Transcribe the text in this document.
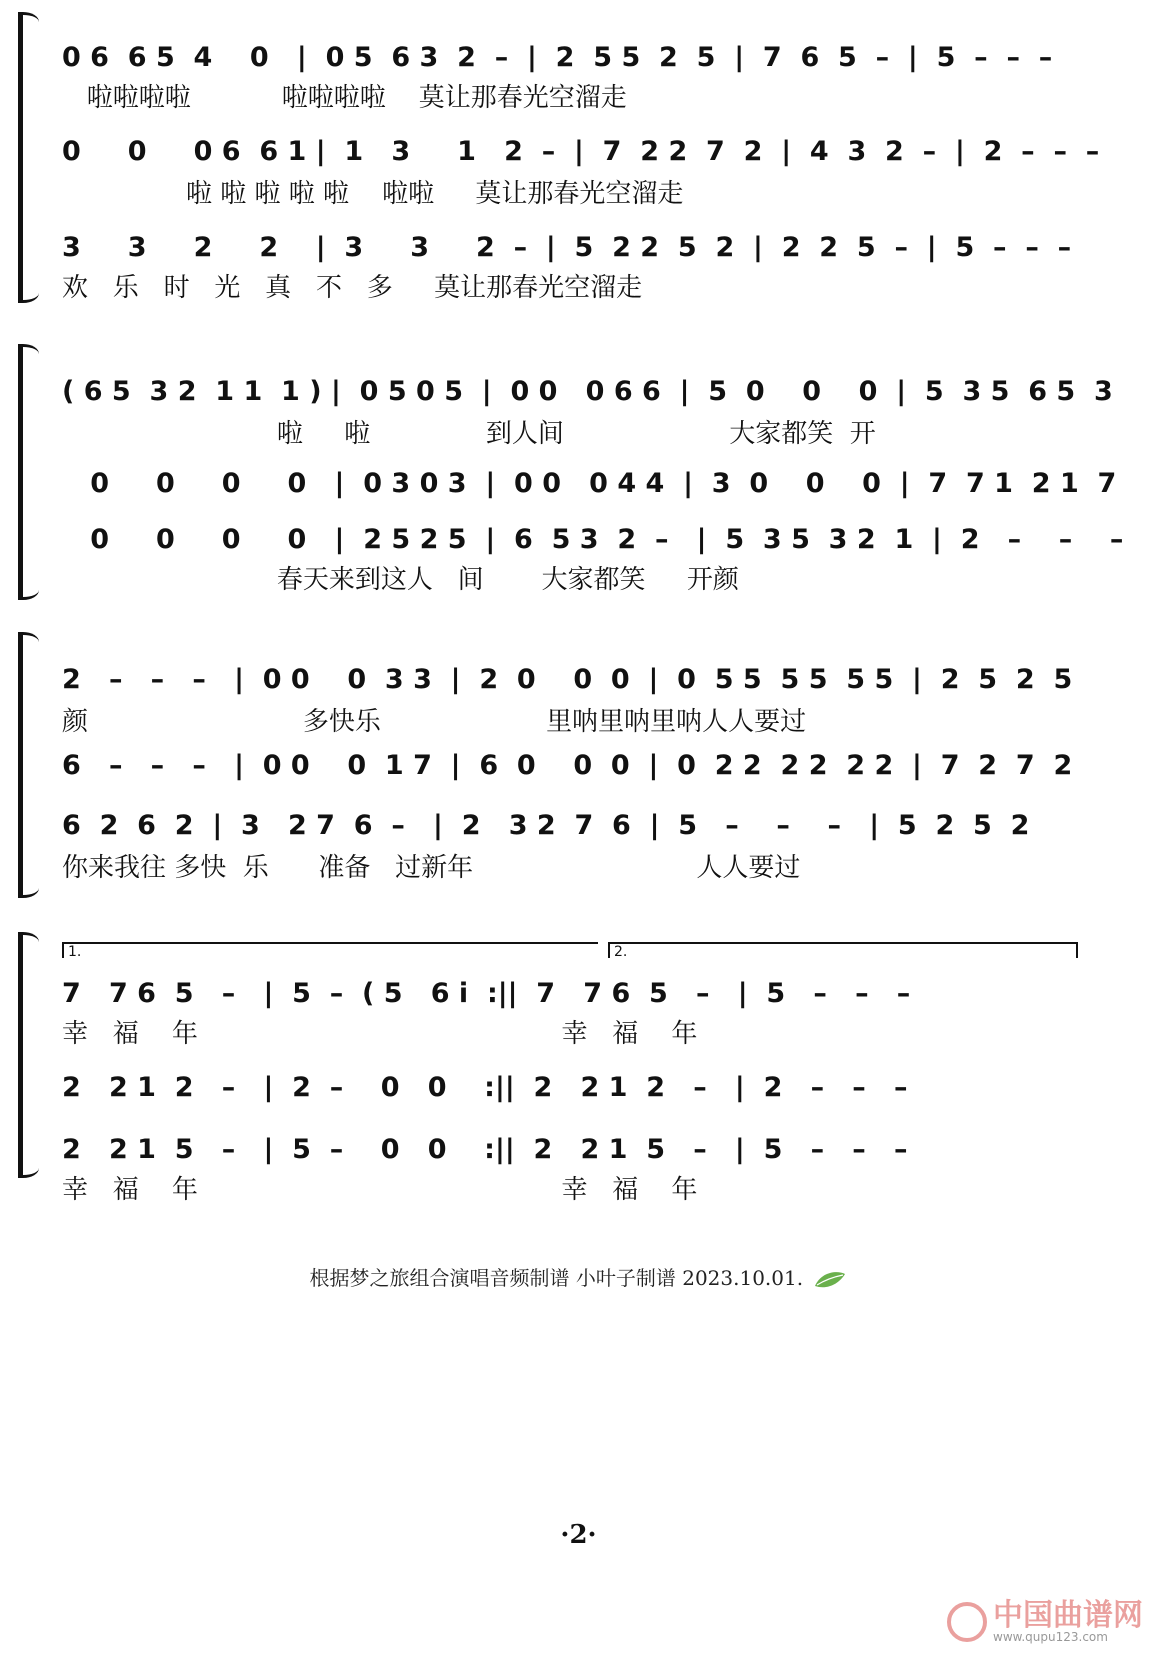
0 6  6 5  4    0   |  0 5  6 3  2  –  |  2  5 5  2  5  |  7  6  5  –  |  5  –  –  –
啦啦啦啦           啦啦啦啦    莫让那春光空溜走
0     0     0 6  6 1 |  1   3     1   2  –  |  7  2 2  7  2  |  4  3  2  –  |  2  –  –  –
啦 啦 啦 啦 啦    啦啦     莫让那春光空溜走
3     3     2     2    |  3     3     2  –  |  5  2 2  5  2  |  2  2  5  –  |  5  –  –  –
欢   乐   时   光   真   不   多     莫让那春光空溜走
( 6 5  3 2  1 1  1 ) |  0 5 0 5  |  0 0   0 6 6  |  5  0    0    0  |  5  3 5  6 5  3
啦     啦              到人间                    大家都笑  开
0     0     0     0   |  0 3 0 3  |  0 0   0 4 4  |  3  0    0    0  |  7  7 1  2 1  7
0     0     0     0   |  2 5 2 5  |  6  5 3  2  –   |  5  3 5  3 2  1  |  2   –    –    –
春天来到这人   间       大家都笑     开颜
2   –   –   –   |  0 0    0  3 3  |  2  0    0  0  |  0  5 5  5 5  5 5  |  2  5  2  5
颜                          多快乐                    里呐里呐里呐人人要过
6   –   –   –   |  0 0    0  1 7  |  6  0    0  0  |  0  2 2  2 2  2 2  |  7  2  7  2
6  2  6  2  |  3   2 7  6  –   |  2   3 2  7  6  |  5   –    –    –   |  5  2  5  2
你来我往 多快  乐      准备   过新年                           人人要过
1.	2.
7   7 6  5   –   |  5  –  ( 5   6 i  :||  7   7 6  5   –   |  5   –   –   –
幸   福    年                                            幸   福    年
2   2 1  2   –   |  2  –    0   0    :||  2   2 1  2   –   |  2   –   –   –
2   2 1  5   –   |  5  –    0   0    :||  2   2 1  5   –   |  5   –   –   –
幸   福    年                                            幸   福    年
根据梦之旅组合演唱音频制谱 小叶子制谱 2023.10.01.
·2·
中国曲谱网
www.qupu123.com
